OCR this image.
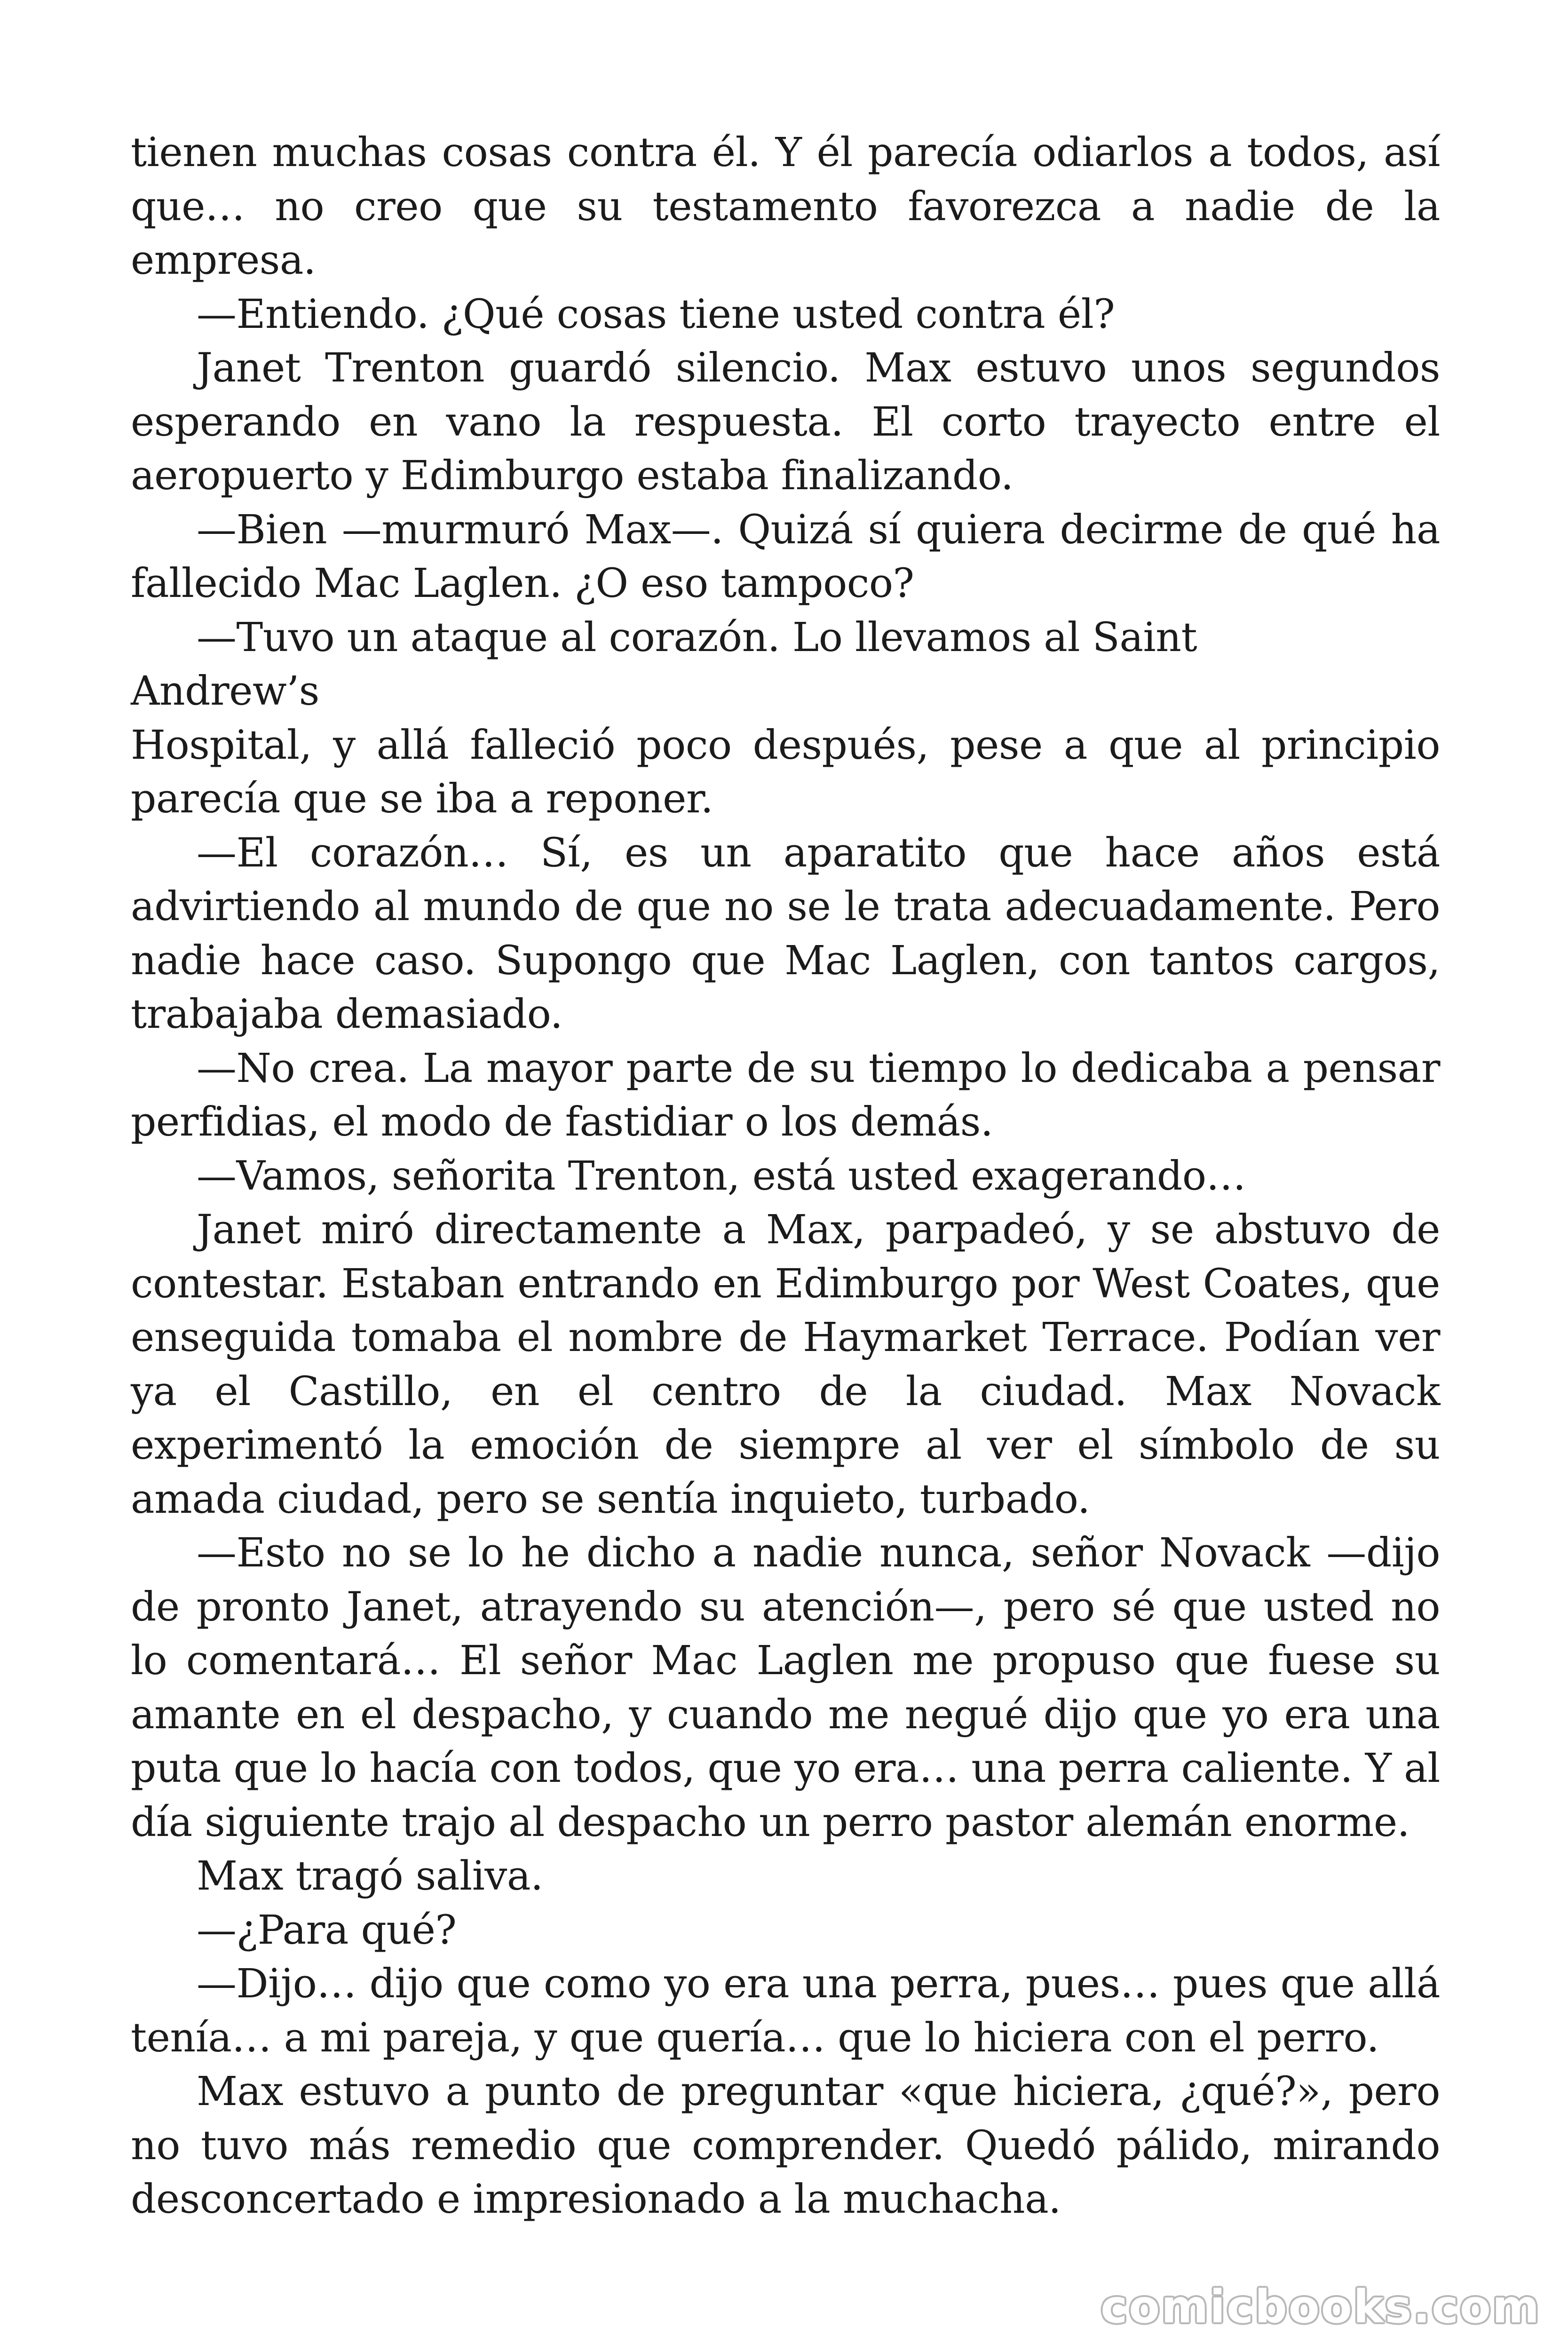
tienen muchas cosas contra él. Y él parecía odiarlos a todos, así que… no creo que su testamento favorezca a nadie de la empresa.

—Entiendo. ¿Qué cosas tiene usted contra él?

Janet Trenton guardó silencio. Max estuvo unos segundos esperando en vano la respuesta. El corto trayecto entre el aeropuerto y Edimburgo estaba finalizando.

—Bien —murmuró Max—. Quizá sí quiera decirme de qué ha fallecido Mac Laglen. ¿O eso tampoco?

—Tuvo un ataque al corazón. Lo llevamos al Saint

Andrew’s

Hospital, y allá falleció poco después, pese a que al principio parecía que se iba a reponer.

—El corazón… Sí, es un aparatito que hace años está advirtiendo al mundo de que no se le trata adecuadamente. Pero nadie hace caso. Supongo que Mac Laglen, con tantos cargos, trabajaba demasiado.

—No crea. La mayor parte de su tiempo lo dedicaba a pensar perfidias, el modo de fastidiar o los demás.

—Vamos, señorita Trenton, está usted exagerando…

Janet miró directamente a Max, parpadeó, y se abstuvo de contestar. Estaban entrando en Edimburgo por West Coates, que enseguida tomaba el nombre de Haymarket Terrace. Podían ver ya el Castillo, en el centro de la ciudad. Max Novack experimentó la emoción de siempre al ver el símbolo de su amada ciudad, pero se sentía inquieto, turbado.

—Esto no se lo he dicho a nadie nunca, señor Novack —dijo de pronto Janet, atrayendo su atención—, pero sé que usted no lo comentará… El señor Mac Laglen me propuso que fuese su amante en el despacho, y cuando me negué dijo que yo era una puta que lo hacía con todos, que yo era… una perra caliente. Y al día siguiente trajo al despacho un perro pastor alemán enorme.

Max tragó saliva.

—¿Para qué?

—Dijo… dijo que como yo era una perra, pues… pues que allá tenía… a mi pareja, y que quería… que lo hiciera con el perro.

Max estuvo a punto de preguntar «que hiciera, ¿qué?», pero no tuvo más remedio que comprender. Quedó pálido, mirando desconcertado e impresionado a la muchacha.

comicbooks.com
